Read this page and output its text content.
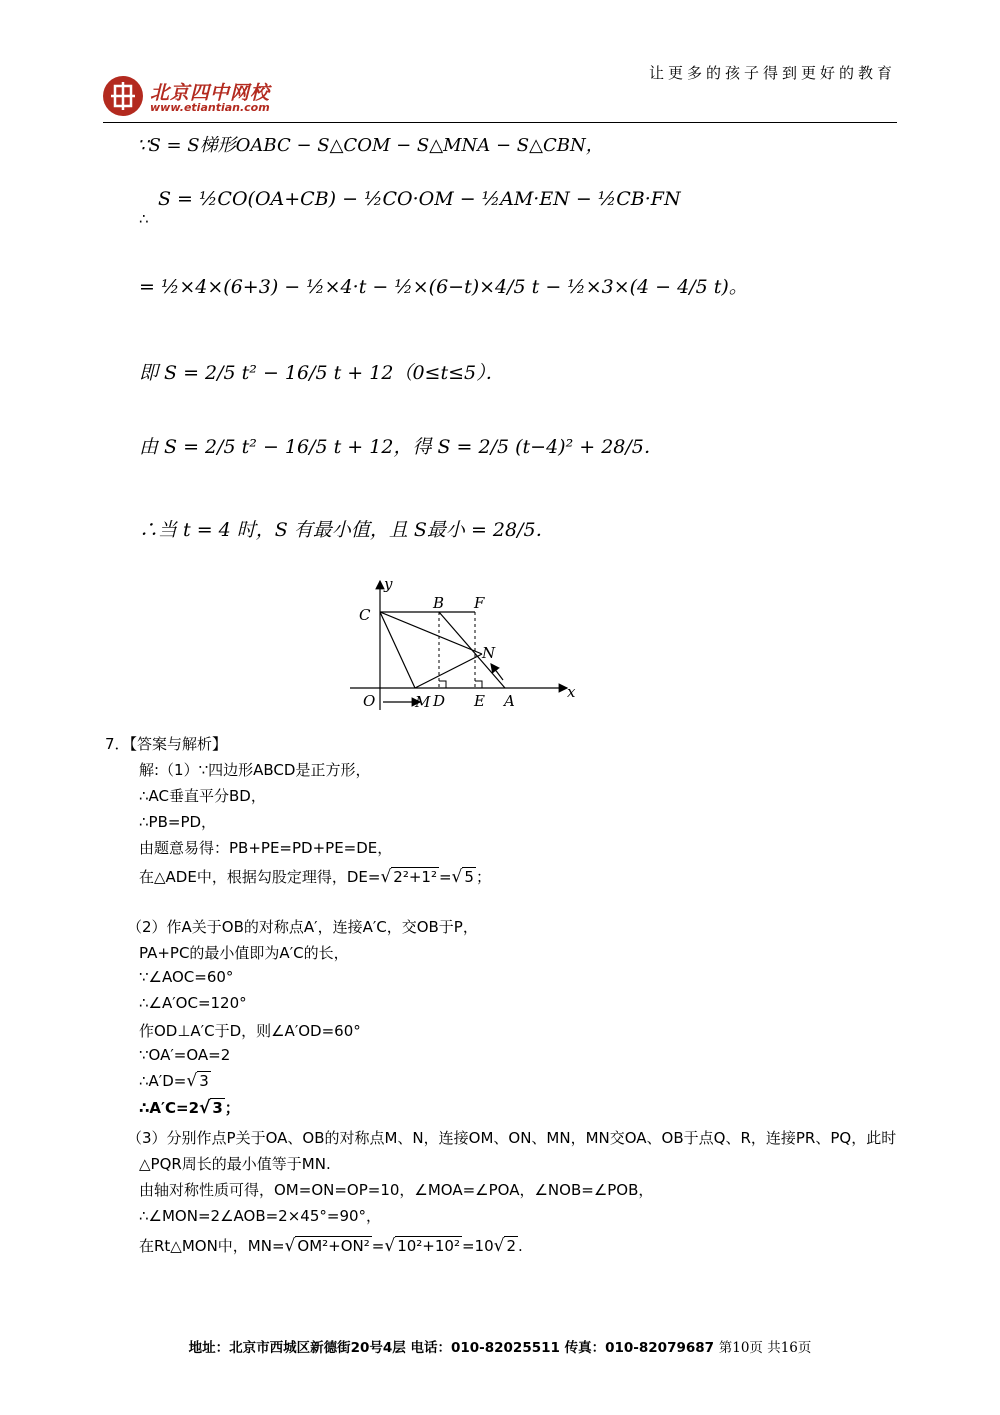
北京四中网校
www.etiantian.com
让更多的孩子得到更好的教育
∵S = S梯形OABC − S△COM − S△MNA − S△CBN，
∴
S = ½CO(OA+CB) − ½CO·OM − ½AM·EN − ½CB·FN
= ½×4×(6+3) − ½×4·t − ½×(6−t)×4/5 t − ½×3×(4 − 4/5 t)。
即 S = 2/5 t² − 16/5 t + 12（0≤t≤5）．
由 S = 2/5 t² − 16/5 t + 12，得 S = 2/5 (t−4)² + 28/5．
∴当 t = 4 时，S 有最小值，且 S最小 = 28/5．
y
x
C
B F
N
O	M D E A
7．【答案与解析】
解:（1）∵四边形ABCD是正方形，
∴AC垂直平分BD，
∴PB=PD，
由题意易得：PB+PE=PD+PE=DE，
在△ADE中，根据勾股定理得，DE=√ 2²+1² =√ 5 ；
（2）作A关于OB的对称点A′，连接A′C，交OB于P，
PA+PC的最小值即为A′C的长，
∵∠AOC=60°
∴∠A′OC=120°
作OD⊥A′C于D，则∠A′OD=60°
∵OA′=OA=2
∴A′D=√ 3
∴A′C=2√ 3 ；
（3）分别作点P关于OA、OB的对称点M、N，连接OM、ON、MN，MN交OA、OB于点Q、R，连接PR、PQ，此时
△PQR周长的最小值等于MN.
由轴对称性质可得，OM=ON=OP=10，∠MOA=∠POA，∠NOB=∠POB，
∴∠MON=2∠AOB=2×45°=90°，
在Rt△MON中，MN=√ OM²+ON² =√ 10²+10² =10√ 2 .
地址：北京市西城区新德街20号4层 电话：010-82025511 传真：010-82079687 第10页 共16页
